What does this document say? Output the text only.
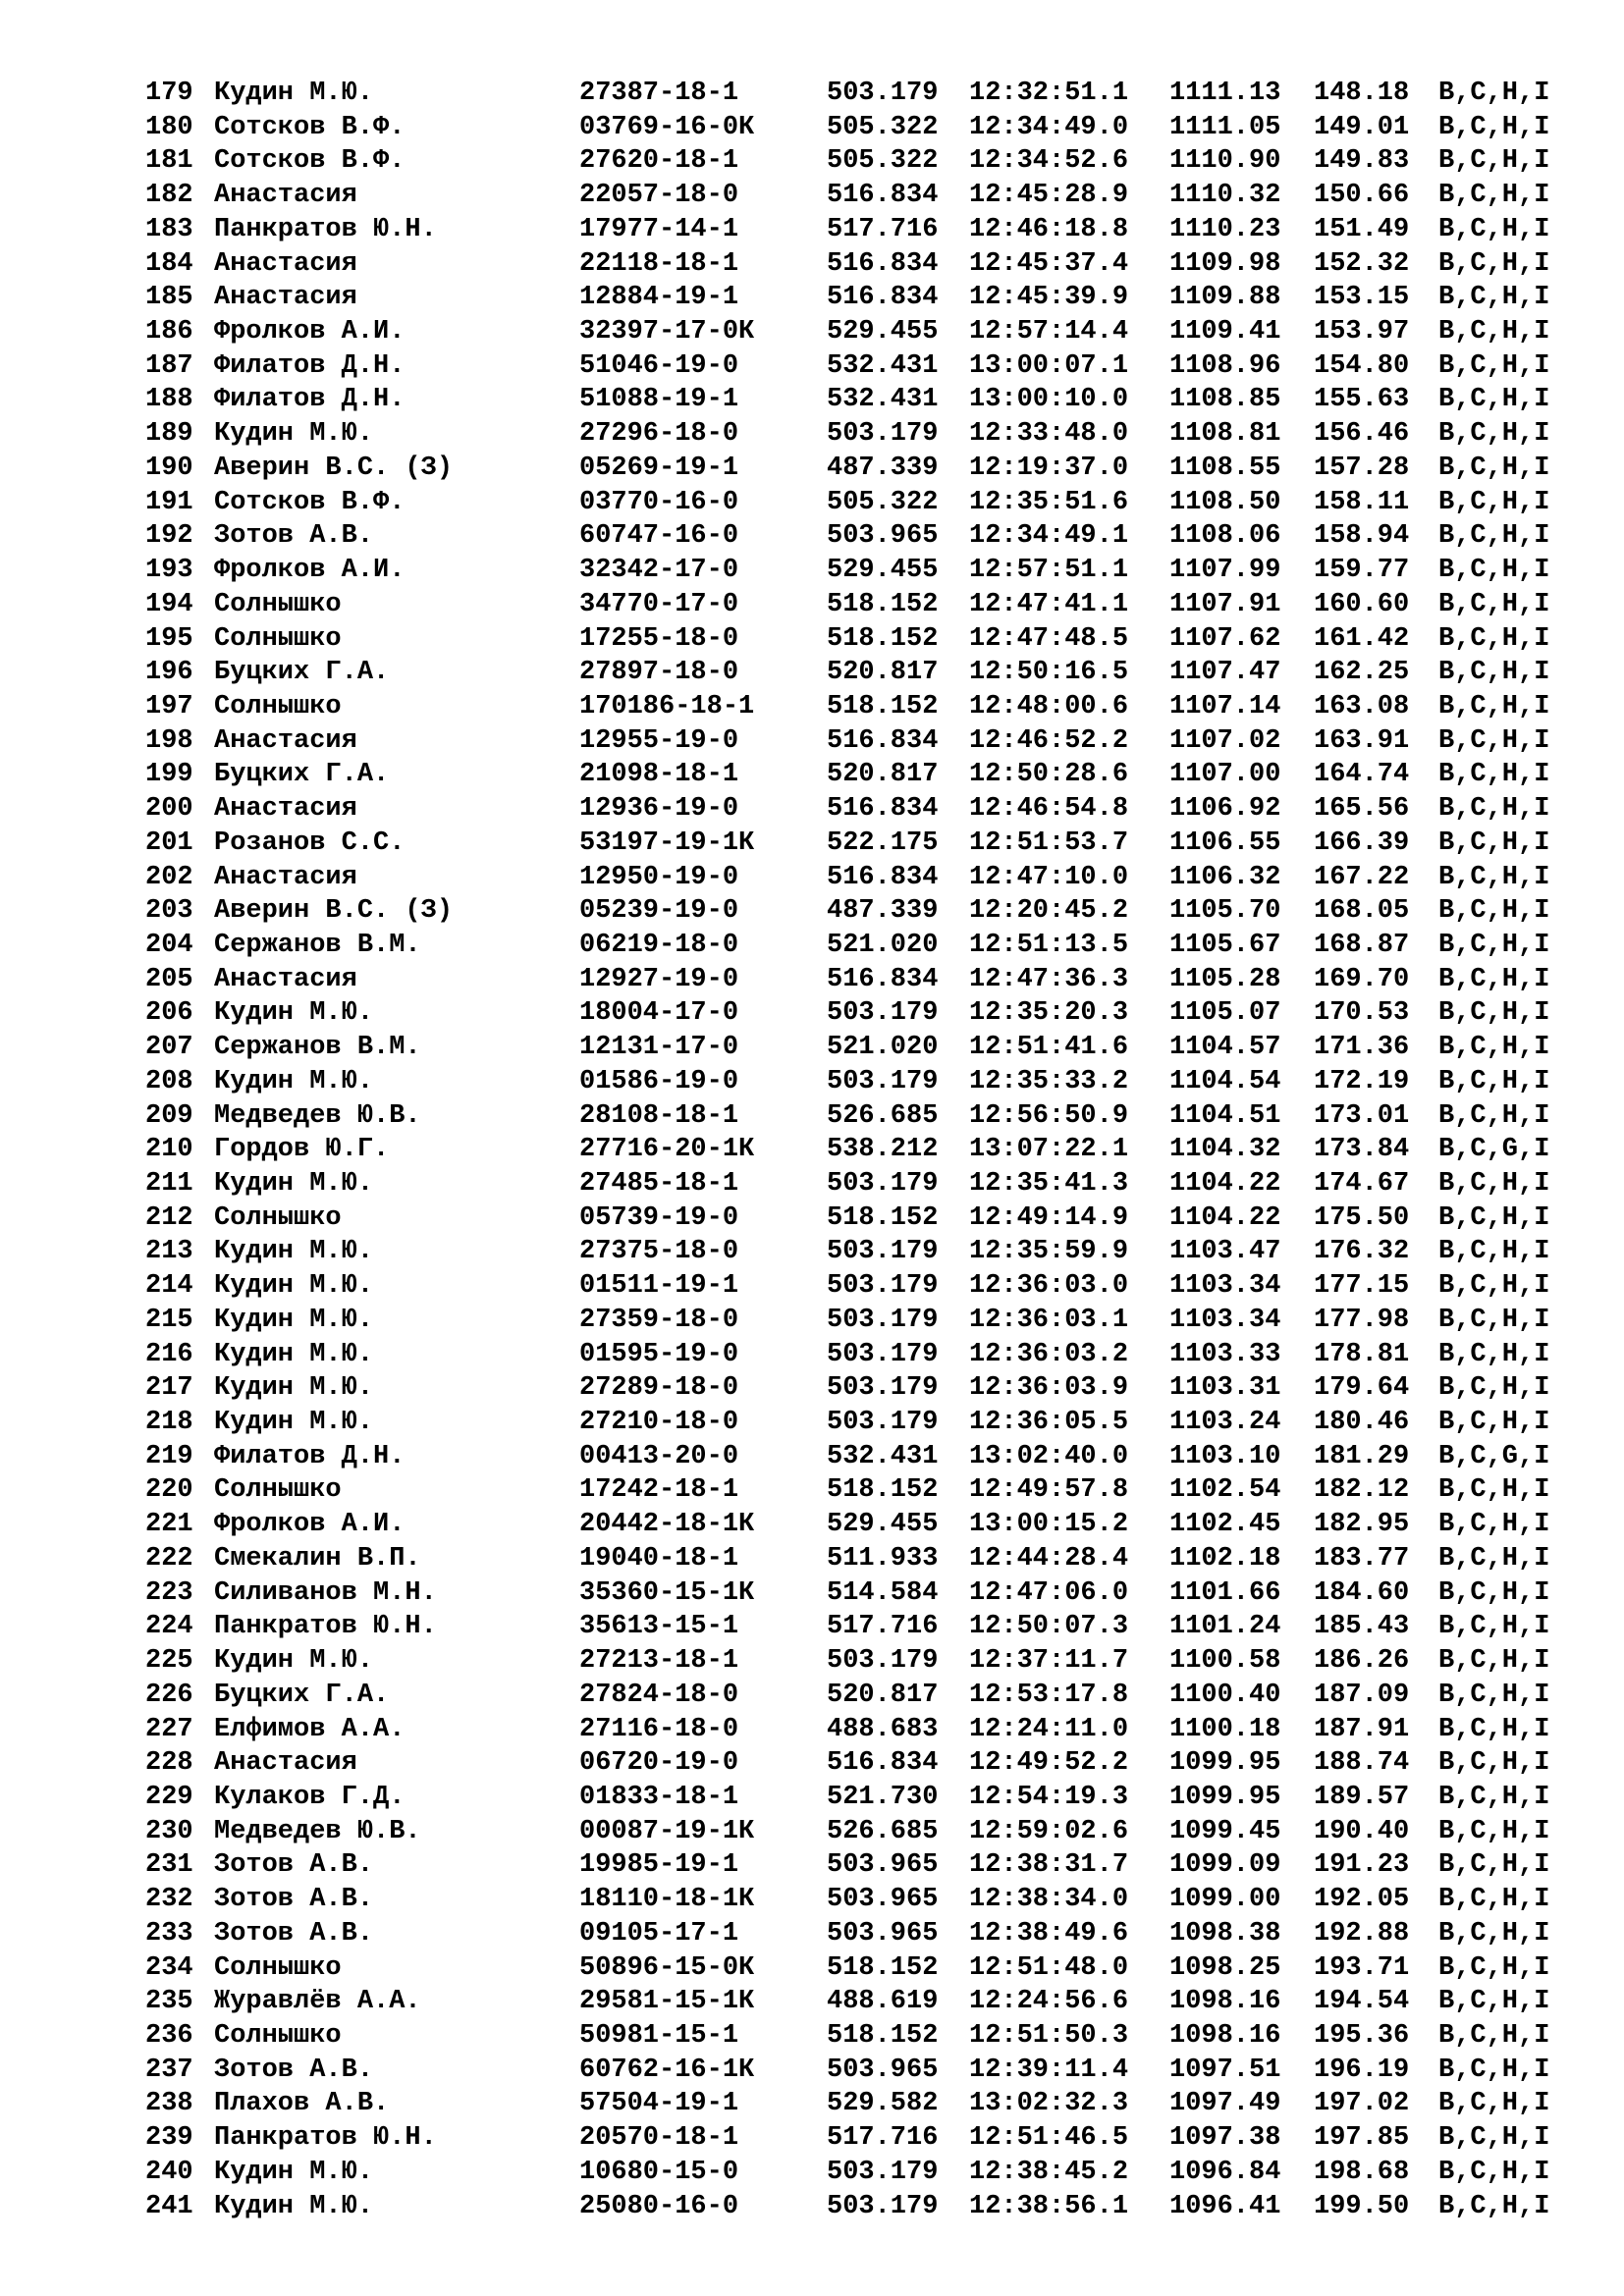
179 Кудин М.Ю.	27387-18-1	503.179	12:32:51.1	1111.13	148.18	B,C,H,I
180 Сотсков В.Ф.	03769-16-0К	505.322	12:34:49.0	1111.05	149.01	B,C,H,I
181 Сотсков В.Ф.	27620-18-1	505.322	12:34:52.6	1110.90	149.83	B,C,H,I
182 Анастасия	22057-18-0	516.834	12:45:28.9	1110.32	150.66	B,C,H,I
183 Панкратов Ю.Н.	17977-14-1	517.716	12:46:18.8	1110.23	151.49	B,C,H,I
184 Анастасия	22118-18-1	516.834	12:45:37.4	1109.98	152.32	B,C,H,I
185 Анастасия	12884-19-1	516.834	12:45:39.9	1109.88	153.15	B,C,H,I
186 Фролков А.И.	32397-17-0К	529.455	12:57:14.4	1109.41	153.97	B,C,H,I
187 Филатов Д.Н.	51046-19-0	532.431	13:00:07.1	1108.96	154.80	B,C,H,I
188 Филатов Д.Н.	51088-19-1	532.431	13:00:10.0	1108.85	155.63	B,C,H,I
189 Кудин М.Ю.	27296-18-0	503.179	12:33:48.0	1108.81	156.46	B,C,H,I
190 Аверин В.С. (З)	05269-19-1	487.339	12:19:37.0	1108.55	157.28	B,C,H,I
191 Сотсков В.Ф.	03770-16-0	505.322	12:35:51.6	1108.50	158.11	B,C,H,I
192 Зотов А.В.	60747-16-0	503.965	12:34:49.1	1108.06	158.94	B,C,H,I
193 Фролков А.И.	32342-17-0	529.455	12:57:51.1	1107.99	159.77	B,C,H,I
194 Солнышко	34770-17-0	518.152	12:47:41.1	1107.91	160.60	B,C,H,I
195 Солнышко	17255-18-0	518.152	12:47:48.5	1107.62	161.42	B,C,H,I
196 Буцких Г.А.	27897-18-0	520.817	12:50:16.5	1107.47	162.25	B,C,H,I
197 Солнышко	170186-18-1	518.152	12:48:00.6	1107.14	163.08	B,C,H,I
198 Анастасия	12955-19-0	516.834	12:46:52.2	1107.02	163.91	B,C,H,I
199 Буцких Г.А.	21098-18-1	520.817	12:50:28.6	1107.00	164.74	B,C,H,I
200 Анастасия	12936-19-0	516.834	12:46:54.8	1106.92	165.56	B,C,H,I
201 Розанов С.С.	53197-19-1К	522.175	12:51:53.7	1106.55	166.39	B,C,H,I
202 Анастасия	12950-19-0	516.834	12:47:10.0	1106.32	167.22	B,C,H,I
203 Аверин В.С. (З)	05239-19-0	487.339	12:20:45.2	1105.70	168.05	B,C,H,I
204 Сержанов В.М.	06219-18-0	521.020	12:51:13.5	1105.67	168.87	B,C,H,I
205 Анастасия	12927-19-0	516.834	12:47:36.3	1105.28	169.70	B,C,H,I
206 Кудин М.Ю.	18004-17-0	503.179	12:35:20.3	1105.07	170.53	B,C,H,I
207 Сержанов В.М.	12131-17-0	521.020	12:51:41.6	1104.57	171.36	B,C,H,I
208 Кудин М.Ю.	01586-19-0	503.179	12:35:33.2	1104.54	172.19	B,C,H,I
209 Медведев Ю.В.	28108-18-1	526.685	12:56:50.9	1104.51	173.01	B,C,H,I
210 Гордов Ю.Г.	27716-20-1К	538.212	13:07:22.1	1104.32	173.84	B,C,G,I
211 Кудин М.Ю.	27485-18-1	503.179	12:35:41.3	1104.22	174.67	B,C,H,I
212 Солнышко	05739-19-0	518.152	12:49:14.9	1104.22	175.50	B,C,H,I
213 Кудин М.Ю.	27375-18-0	503.179	12:35:59.9	1103.47	176.32	B,C,H,I
214 Кудин М.Ю.	01511-19-1	503.179	12:36:03.0	1103.34	177.15	B,C,H,I
215 Кудин М.Ю.	27359-18-0	503.179	12:36:03.1	1103.34	177.98	B,C,H,I
216 Кудин М.Ю.	01595-19-0	503.179	12:36:03.2	1103.33	178.81	B,C,H,I
217 Кудин М.Ю.	27289-18-0	503.179	12:36:03.9	1103.31	179.64	B,C,H,I
218 Кудин М.Ю.	27210-18-0	503.179	12:36:05.5	1103.24	180.46	B,C,H,I
219 Филатов Д.Н.	00413-20-0	532.431	13:02:40.0	1103.10	181.29	B,C,G,I
220 Солнышко	17242-18-1	518.152	12:49:57.8	1102.54	182.12	B,C,H,I
221 Фролков А.И.	20442-18-1К	529.455	13:00:15.2	1102.45	182.95	B,C,H,I
222 Смекалин В.П.	19040-18-1	511.933	12:44:28.4	1102.18	183.77	B,C,H,I
223 Силиванов М.Н.	35360-15-1К	514.584	12:47:06.0	1101.66	184.60	B,C,H,I
224 Панкратов Ю.Н.	35613-15-1	517.716	12:50:07.3	1101.24	185.43	B,C,H,I
225 Кудин М.Ю.	27213-18-1	503.179	12:37:11.7	1100.58	186.26	B,C,H,I
226 Буцких Г.А.	27824-18-0	520.817	12:53:17.8	1100.40	187.09	B,C,H,I
227 Елфимов А.А.	27116-18-0	488.683	12:24:11.0	1100.18	187.91	B,C,H,I
228 Анастасия	06720-19-0	516.834	12:49:52.2	1099.95	188.74	B,C,H,I
229 Кулаков Г.Д.	01833-18-1	521.730	12:54:19.3	1099.95	189.57	B,C,H,I
230 Медведев Ю.В.	00087-19-1К	526.685	12:59:02.6	1099.45	190.40	B,C,H,I
231 Зотов А.В.	19985-19-1	503.965	12:38:31.7	1099.09	191.23	B,C,H,I
232 Зотов А.В.	18110-18-1К	503.965	12:38:34.0	1099.00	192.05	B,C,H,I
233 Зотов А.В.	09105-17-1	503.965	12:38:49.6	1098.38	192.88	B,C,H,I
234 Солнышко	50896-15-0К	518.152	12:51:48.0	1098.25	193.71	B,C,H,I
235 Журавлёв А.А.	29581-15-1К	488.619	12:24:56.6	1098.16	194.54	B,C,H,I
236 Солнышко	50981-15-1	518.152	12:51:50.3	1098.16	195.36	B,C,H,I
237 Зотов А.В.	60762-16-1К	503.965	12:39:11.4	1097.51	196.19	B,C,H,I
238 Плахов А.В.	57504-19-1	529.582	13:02:32.3	1097.49	197.02	B,C,H,I
239 Панкратов Ю.Н.	20570-18-1	517.716	12:51:46.5	1097.38	197.85	B,C,H,I
240 Кудин М.Ю.	10680-15-0	503.179	12:38:45.2	1096.84	198.68	B,C,H,I
241 Кудин М.Ю.	25080-16-0	503.179	12:38:56.1	1096.41	199.50	B,C,H,I
